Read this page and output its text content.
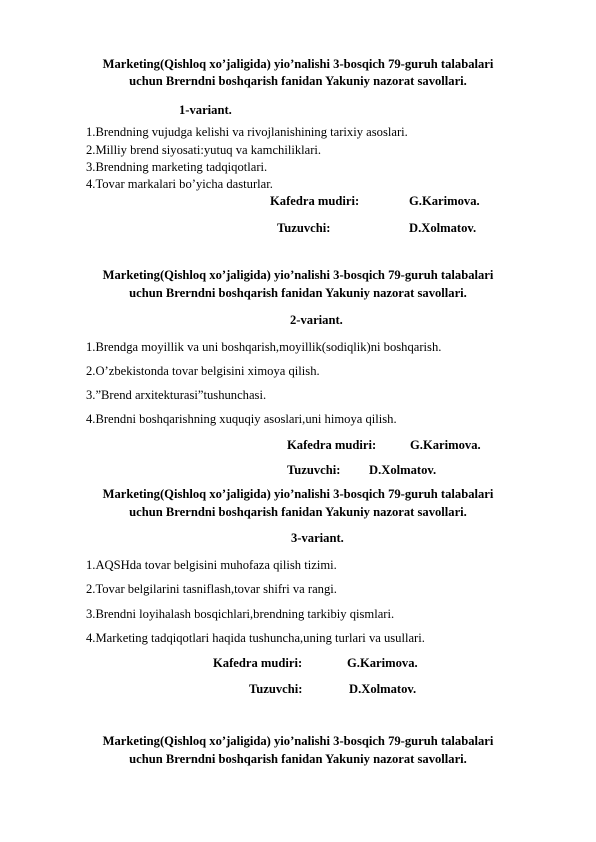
Marketing(Qishloq xo’jaligida) yio’nalishi 3-bosqich 79-guruh talabalari
uchun Brerndni boshqarish fanidan Yakuniy nazorat savollari.
1-variant.
1.Brendning vujudga kelishi va rivojlanishining tarixiy asoslari.
2.Milliy brend siyosati:yutuq va kamchiliklari.
3.Brendning marketing tadqiqotlari.
4.Tovar markalari bo’yicha dasturlar.
Kafedra mudiri:	G.Karimova.
Tuzuvchi:	D.Xolmatov.
Marketing(Qishloq xo’jaligida) yio’nalishi 3-bosqich 79-guruh talabalari
uchun Brerndni boshqarish fanidan Yakuniy nazorat savollari.
2-variant.
1.Brendga moyillik va uni boshqarish,moyillik(sodiqlik)ni boshqarish.
2.O’zbekistonda tovar belgisini ximoya qilish.
3.”Brend arxitekturasi”tushunchasi.
4.Brendni boshqarishning xuquqiy asoslari,uni himoya qilish.
Kafedra mudiri:	G.Karimova.
Tuzuvchi: D.Xolmatov.
Marketing(Qishloq xo’jaligida) yio’nalishi 3-bosqich 79-guruh talabalari
uchun Brerndni boshqarish fanidan Yakuniy nazorat savollari.
3-variant.
1.AQSHda tovar belgisini muhofaza qilish tizimi.
2.Tovar belgilarini tasniflash,tovar shifri va rangi.
3.Brendni loyihalash bosqichlari,brendning tarkibiy qismlari.
4.Marketing tadqiqotlari haqida tushuncha,uning turlari va usullari.
Kafedra mudiri:	G.Karimova.
Tuzuvchi:	D.Xolmatov.
Marketing(Qishloq xo’jaligida) yio’nalishi 3-bosqich 79-guruh talabalari
uchun Brerndni boshqarish fanidan Yakuniy nazorat savollari.
